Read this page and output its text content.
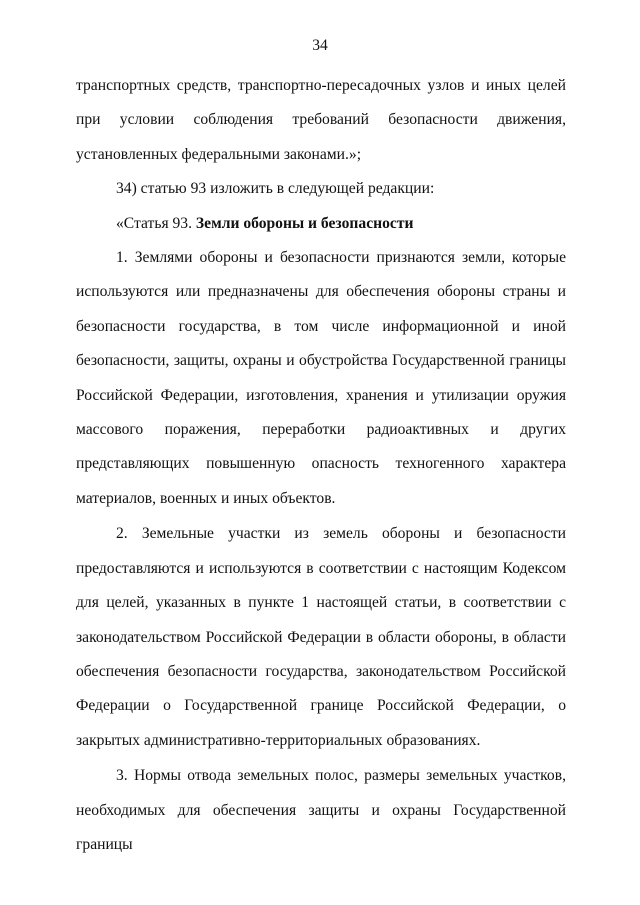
34

транспортных средств, транспортно-пересадочных узлов и иных целей при условии соблюдения требований безопасности движения, установленных федеральными законами.»;

34) статью 93 изложить в следующей редакции:

«Статья 93. Земли обороны и безопасности

1. Землями обороны и безопасности признаются земли, которые используются или предназначены для обеспечения обороны страны и безопасности государства, в том числе информационной и иной безопасности, защиты, охраны и обустройства Государственной границы Российской Федерации, изготовления, хранения и утилизации оружия массового поражения, переработки радиоактивных и других представляющих повышенную опасность техногенного характера материалов, военных и иных объектов.

2. Земельные участки из земель обороны и безопасности предоставляются и используются в соответствии с настоящим Кодексом для целей, указанных в пункте 1 настоящей статьи, в соответствии с законодательством Российской Федерации в области обороны, в области обеспечения безопасности государства, законодательством Российской Федерации о Государственной границе Российской Федерации, о закрытых административно-территориальных образованиях.

3. Нормы отвода земельных полос, размеры земельных участков, необходимых для обеспечения защиты и охраны Государственной границы
